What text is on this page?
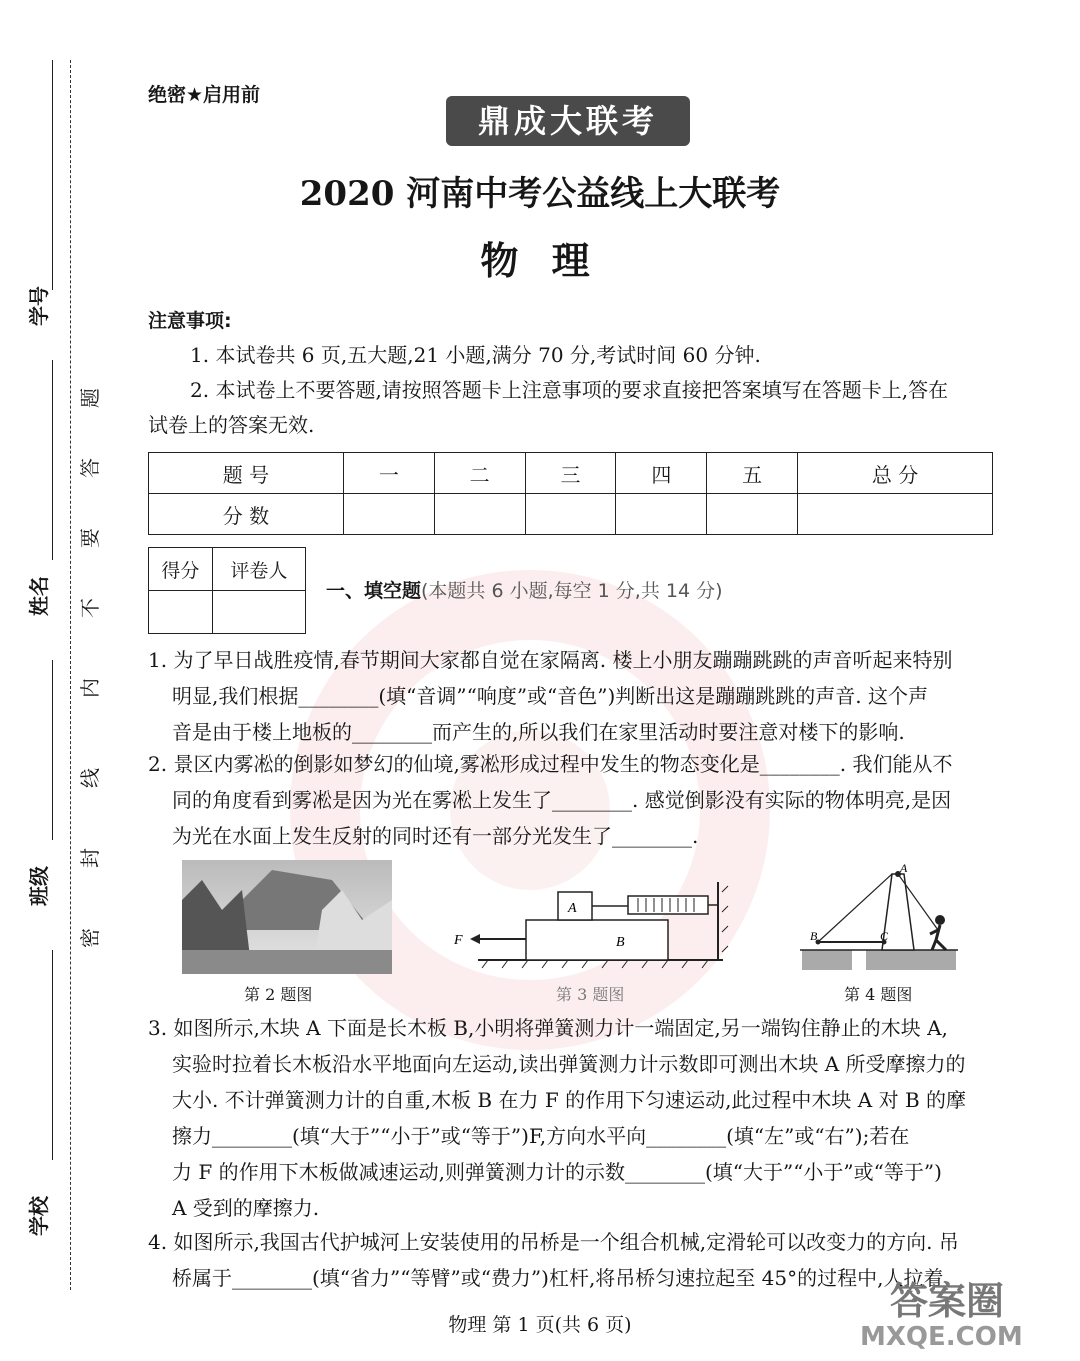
学号
姓名
班级
学校
题
答
要
不
内
线
封
密
绝密★启用前
鼎成大联考
2020 河南中考公益线上大联考
物 理
注意事项:
1. 本试卷共 6 页,五大题,21 小题,满分 70 分,考试时间 60 分钟.
2. 本试卷上不要答题,请按照答题卡上注意事项的要求直接把答案填写在答题卡上,答在
试卷上的答案无效.
题 号	一	二	三	四	五	总 分
分 数						
得分	评卷人

一、填空题(本题共 6 小题,每空 1 分,共 14 分)
1. 为了早日战胜疫情,春节期间大家都自觉在家隔离. 楼上小朋友蹦蹦跳跳的声音听起来特别
明显,我们根据________(填“音调”“响度”或“音色”)判断出这是蹦蹦跳跳的声音. 这个声
音是由于楼上地板的________而产生的,所以我们在家里活动时要注意对楼下的影响.
2. 景区内雾凇的倒影如梦幻的仙境,雾凇形成过程中发生的物态变化是________. 我们能从不
同的角度看到雾凇是因为光在雾凇上发生了________. 感觉倒影没有实际的物体明亮,是因
为光在水面上发生反射的同时还有一部分光发生了________.
第 2 题图
A
B
F
第 3 题图
A
B	C
第 4 题图
3. 如图所示,木块 A 下面是长木板 B,小明将弹簧测力计一端固定,另一端钩住静止的木块 A,
实验时拉着长木板沿水平地面向左运动,读出弹簧测力计示数即可测出木块 A 所受摩擦力的
大小. 不计弹簧测力计的自重,木板 B 在力 F 的作用下匀速运动,此过程中木块 A 对 B 的摩
擦力________(填“大于”“小于”或“等于”)F,方向水平向________(填“左”或“右”);若在
力 F 的作用下木板做减速运动,则弹簧测力计的示数________(填“大于”“小于”或“等于”)
A 受到的摩擦力.
4. 如图所示,我国古代护城河上安装使用的吊桥是一个组合机械,定滑轮可以改变力的方向. 吊
桥属于________(填“省力”“等臂”或“费力”)杠杆,将吊桥匀速拉起至 45°的过程中,人拉着
物理 第 1 页(共 6 页)
答案圈
MXQE.COM
